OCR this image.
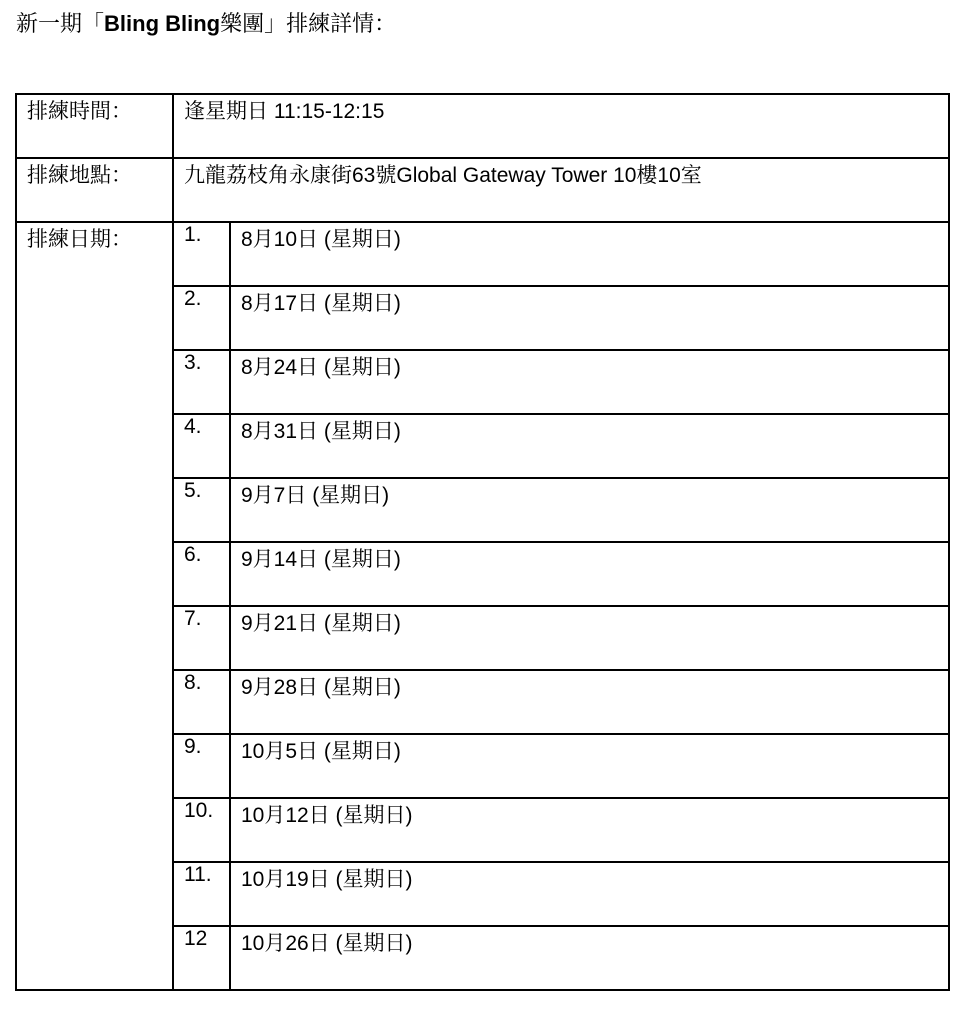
新一期「Bling Bling樂團」排練詳情：
排練時間：	逢星期日 11:15-12:15	
排練地點：	九龍荔枝角永康街63號Global Gateway Tower 10樓10室	
排練日期：	1.	8月10日 (星期日)
	2.	8月17日 (星期日)
	3.	8月24日 (星期日)
	4.	8月31日 (星期日)
	5.	9月7日 (星期日)
	6.	9月14日 (星期日)
	7.	9月21日 (星期日)
	8.	9月28日 (星期日)
	9.	10月5日 (星期日)
	10.	10月12日 (星期日)
	11.	10月19日 (星期日)
	12	10月26日 (星期日)
